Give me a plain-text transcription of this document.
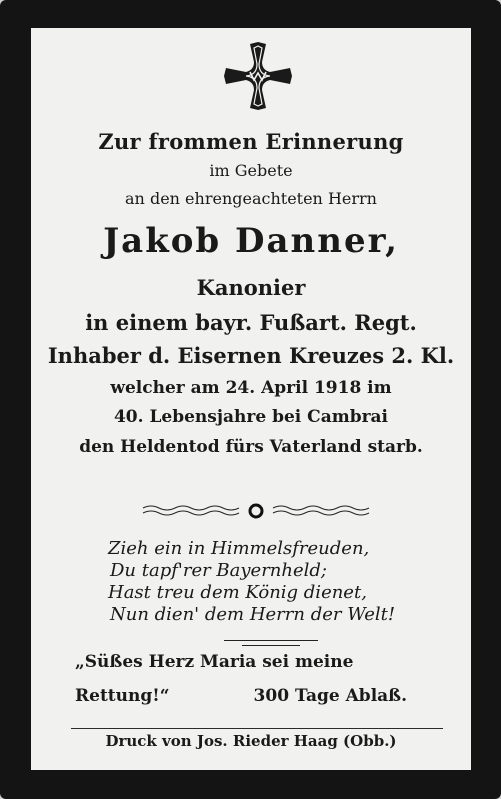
Zur frommen Erinnerung
im Gebete
an den ehrengeachteten Herrn
Jakob Danner,
Kanonier
in einem bayr. Fußart. Regt.
Inhaber d. Eisernen Kreuzes 2. Kl.
welcher am 24. April 1918 im
40. Lebensjahre bei Cambrai
den Heldentod fürs Vaterland starb.
Zieh ein in Himmelsfreuden,
Du tapf'rer Bayernheld;
Hast treu dem König dienet,
Nun dien' dem Herrn der Welt!
„Süßes Herz Maria sei meine
Rettung!“	300 Tage Ablaß.
Druck von Jos. Rieder Haag (Obb.)
